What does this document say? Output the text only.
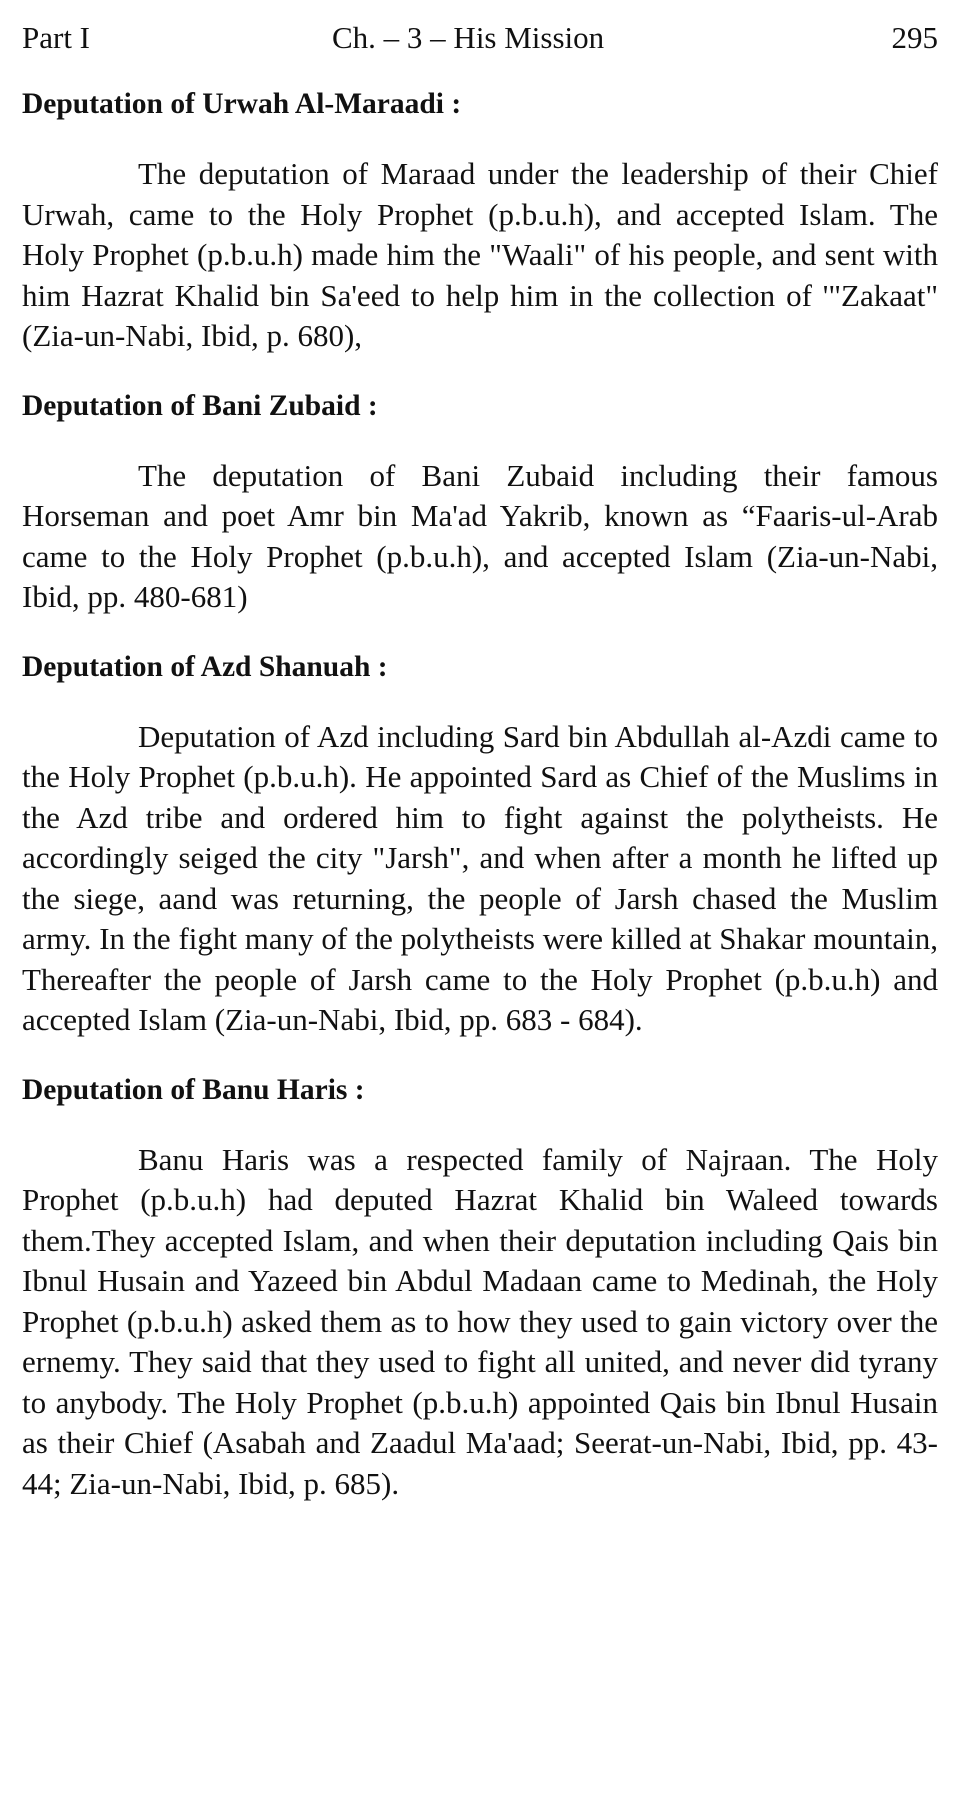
Part I	Ch. – 3 – His Mission	295
Deputation of Urwah Al-Maraadi :

The deputation of Maraad under the leadership of their Chief Urwah, came to the Holy Prophet (p.b.u.h), and accepted Islam. The Holy Prophet (p.b.u.h) made him the "Waali" of his people, and sent with him Hazrat Khalid bin Sa'eed to help him in the collection of '"Zakaat" (Zia-un-Nabi, Ibid, p. 680),

Deputation of Bani Zubaid :

The deputation of Bani Zubaid including their famous Horseman and poet Amr bin Ma'ad Yakrib, known as “Faaris-ul-Arab came to the Holy Prophet (p.b.u.h), and accepted Islam (Zia-un-Nabi, Ibid, pp. 480-681)

Deputation of Azd Shanuah :

Deputation of Azd including Sard bin Abdullah al-Azdi came to the Holy Prophet (p.b.u.h). He appointed Sard as Chief of the Muslims in the Azd tribe and ordered him to fight against the polytheists. He accordingly seiged the city "Jarsh", and when after a month he lifted up the siege, aand was returning, the people of Jarsh chased the Muslim army. In the fight many of the polytheists were killed at Shakar mountain, Thereafter the people of Jarsh came to the Holy Prophet (p.b.u.h) and accepted Islam (Zia-un-Nabi, Ibid, pp. 683 - 684).

Deputation of Banu Haris :

Banu Haris was a respected family of Najraan. The Holy Prophet (p.b.u.h) had deputed Hazrat Khalid bin Waleed towards them.They accepted Islam, and when their deputation including Qais bin Ibnul Husain and Yazeed bin Abdul Madaan came to Medinah, the Holy Prophet (p.b.u.h) asked them as to how they used to gain victory over the ernemy. They said that they used to fight all united, and never did tyrany to anybody. The Holy Prophet (p.b.u.h) appointed Qais bin Ibnul Husain as their Chief (Asabah and Zaadul Ma'aad; Seerat-un-Nabi, Ibid, pp. 43-44; Zia-un-Nabi, Ibid, p. 685).
